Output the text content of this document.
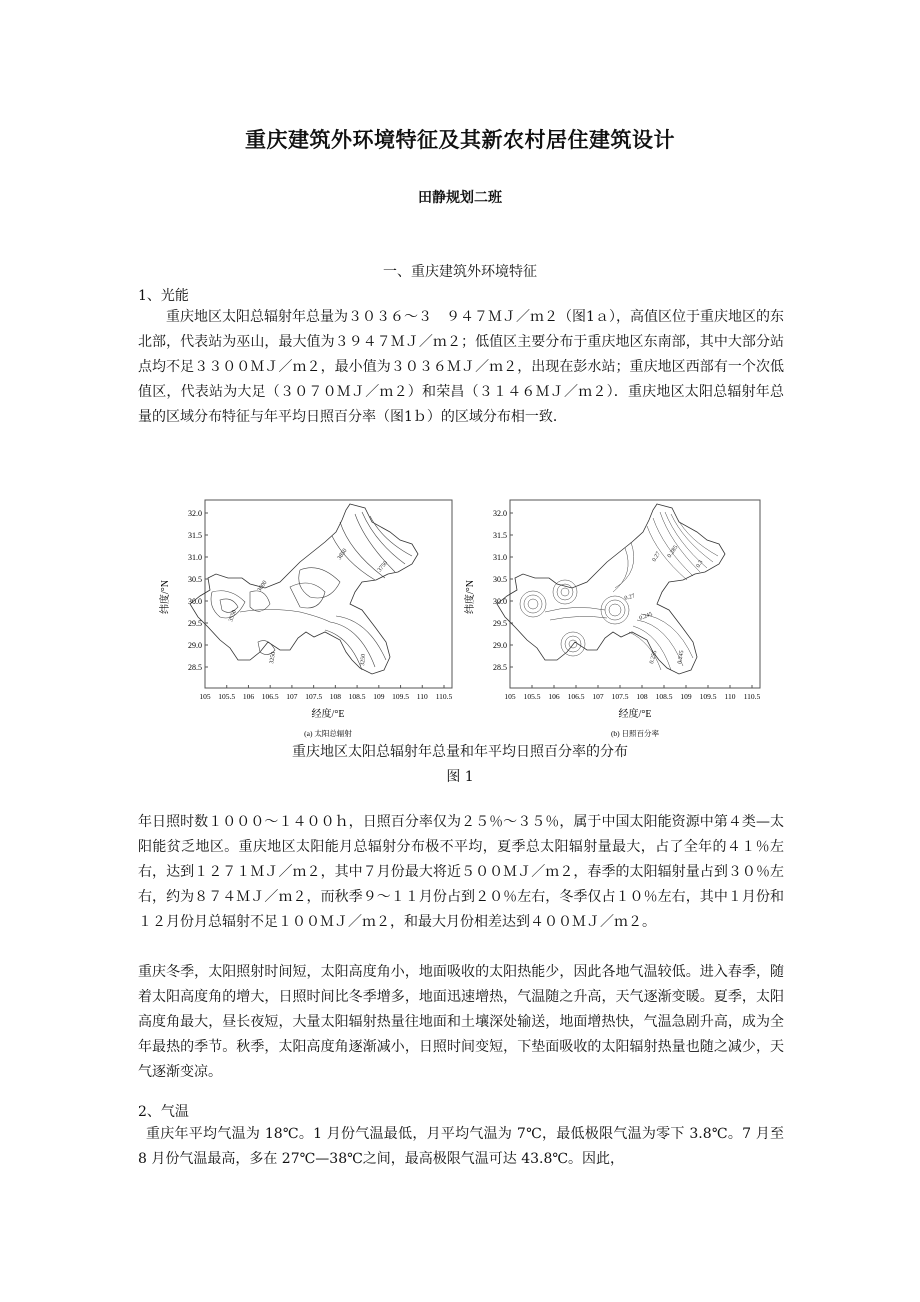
重庆建筑外环境特征及其新农村居住建筑设计
田静规划二班
一、重庆建筑外环境特征
1、光能
重庆地区太阳总辐射年总量为３０３６～３　９４７ＭＪ／ｍ２（图1ａ），高值区位于重庆地区的东北部，代表站为巫山，最大值为３９４７ＭＪ／ｍ２；低值区主要分布于重庆地区东南部，其中大部分站点均不足３３００ＭＪ／ｍ２，最小值为３０３６ＭＪ／ｍ２，出现在彭水站；重庆地区西部有一个次低值区，代表站为大足（３０７０ＭＪ／ｍ２）和荣昌（３１４６ＭＪ／ｍ２）．重庆地区太阳总辐射年总量的区域分布特征与年平均日照百分率（图1ｂ）的区域分布相一致．
32.0
31.5
31.0
30.5
30.0
29.5
29.0
28.5
105 105.5 106 106.5 107 107.5 108 108.5 109 109.5 110 110.5
3850
3750
3600
3550
3250	3250
经度/°E
纬度/°N
(a) 太阳总辐射
32.0
31.5
31.0
30.5
30.0
29.5
29.0
28.5
105 105.5 106 106.5 107 107.5 108 108.5 109 109.5 110 110.5
0.27 0.285
0.3
0.27
0.245
0.255	0.245
经度/°E
纬度/°N
(b) 日照百分率
重庆地区太阳总辐射年总量和年平均日照百分率的分布
图 1
年日照时数１０００～１４００ｈ，日照百分率仅为２５％～３５％，属于中国太阳能资源中第４类—太阳能贫乏地区。重庆地区太阳能月总辐射分布极不平均，夏季总太阳辐射量最大，占了全年的４１％左右，达到１２７１ＭＪ／ｍ２，其中７月份最大将近５００ＭＪ／ｍ２，春季的太阳辐射量占到３０％左右，约为８７４ＭＪ／ｍ２，而秋季９～１１月份占到２０％左右，冬季仅占１０％左右，其中１月份和１２月份月总辐射不足１００ＭＪ／ｍ２，和最大月份相差达到４００ＭＪ／ｍ２。
重庆冬季，太阳照射时间短，太阳高度角小，地面吸收的太阳热能少，因此各地气温较低。进入春季，随着太阳高度角的增大，日照时间比冬季增多，地面迅速增热，气温随之升高，天气逐渐变暖。夏季，太阳高度角最大，昼长夜短，大量太阳辐射热量往地面和土壤深处输送，地面增热快，气温急剧升高，成为全年最热的季节。秋季，太阳高度角逐渐减小，日照时间变短，下垫面吸收的太阳辐射热量也随之减少，天气逐渐变凉。
2、气温
重庆年平均气温为 18℃。1 月份气温最低，月平均气温为 7℃，最低极限气温为零下 3.8℃。7 月至 8 月份气温最高，多在 27℃—38℃之间，最高极限气温可达 43.8℃。因此，
